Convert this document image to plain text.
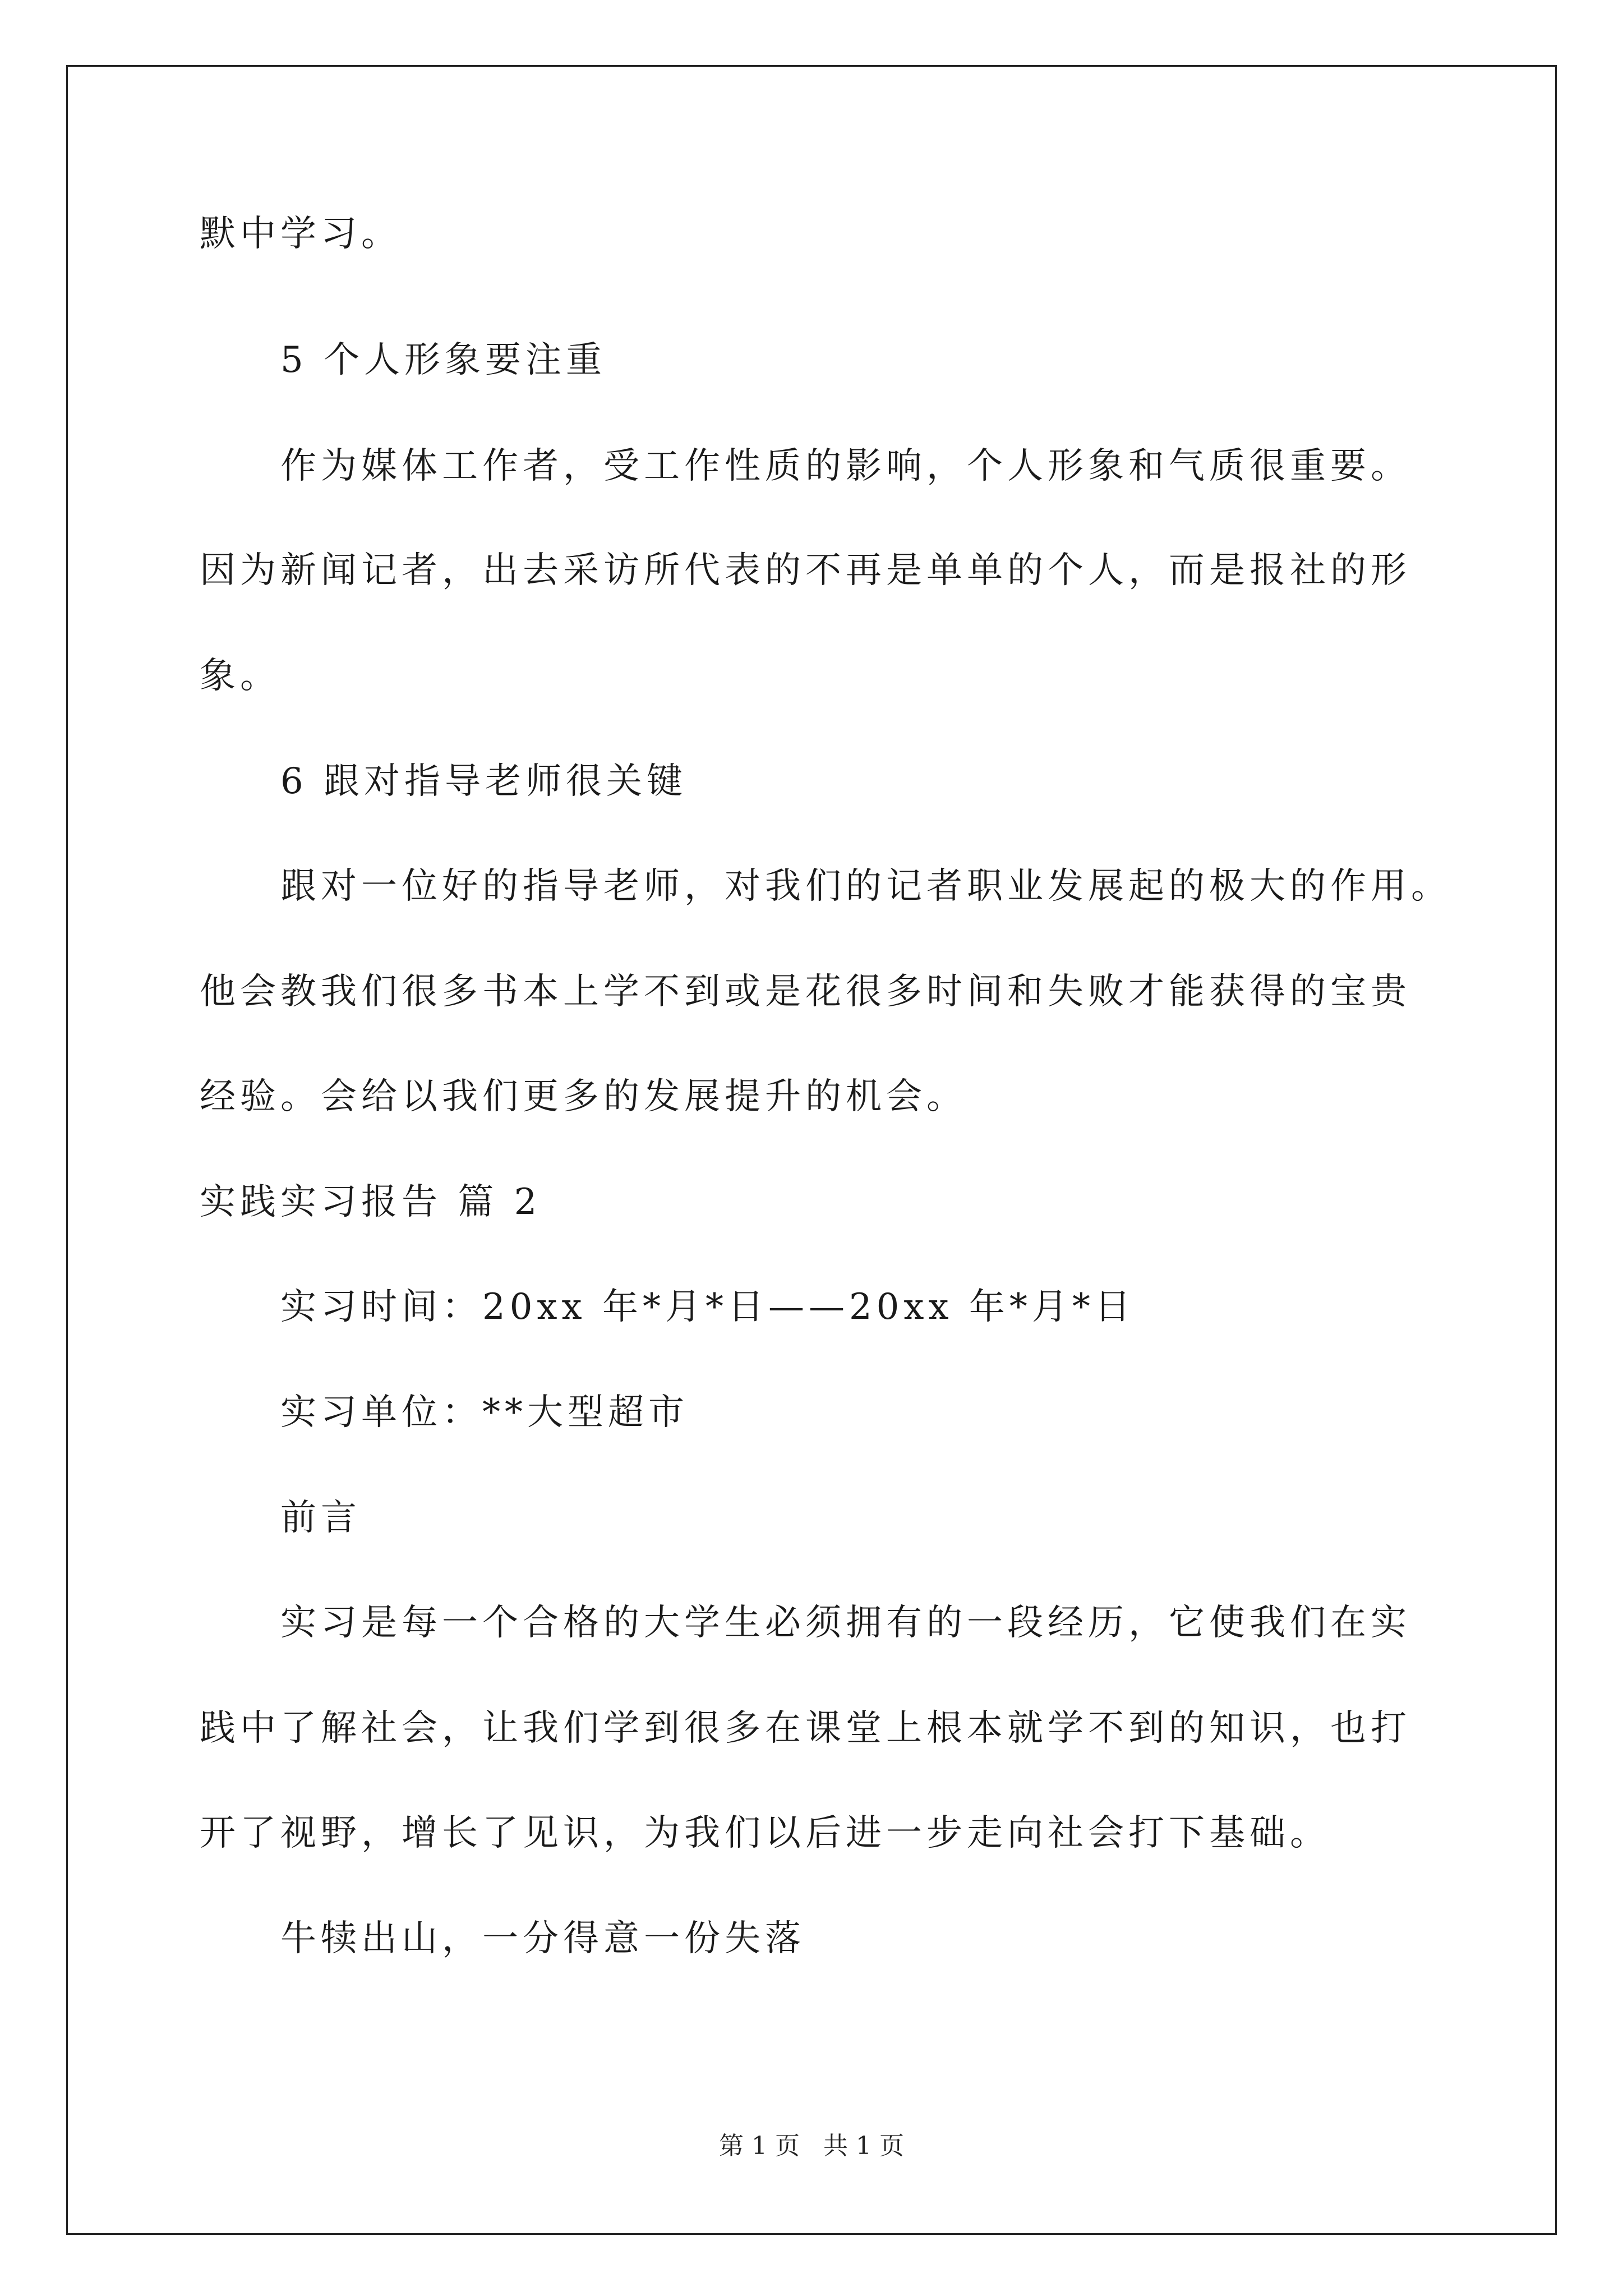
默中学习。
5 个人形象要注重
作为媒体工作者，受工作性质的影响，个人形象和气质很重要。
因为新闻记者，出去采访所代表的不再是单单的个人，而是报社的形
象。
6 跟对指导老师很关键
跟对一位好的指导老师，对我们的记者职业发展起的极大的作用。
他会教我们很多书本上学不到或是花很多时间和失败才能获得的宝贵
经验。会给以我们更多的发展提升的机会。
实践实习报告 篇 2
实习时间：20xx 年*月*日——20xx 年*月*日
实习单位：**大型超市
前言
实习是每一个合格的大学生必须拥有的一段经历，它使我们在实
践中了解社会，让我们学到很多在课堂上根本就学不到的知识，也打
开了视野，增长了见识，为我们以后进一步走向社会打下基础。
牛犊出山，一分得意一份失落
第 1 页 共 1 页
